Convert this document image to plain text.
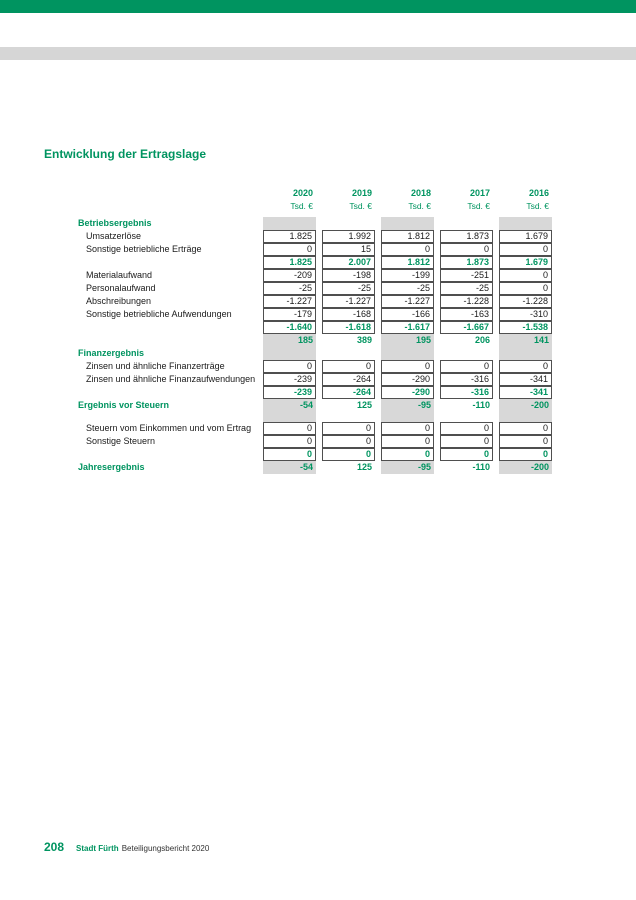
Entwicklung der Ertragslage
2020	2019	2018	2017	2016
Tsd. €	Tsd. €	Tsd. €	Tsd. €	Tsd. €
Betriebsergebnis
Umsatzerlöse	1.825	1.992	1.812	1.873	1.679
Sonstige betriebliche Erträge	0	15	0	0	0
1.825	2.007	1.812	1.873	1.679
Materialaufwand	-209	-198	-199	-251	0
Personalaufwand	-25	-25	-25	-25	0
Abschreibungen	-1.227	-1.227	-1.227	-1.228	-1.228
Sonstige betriebliche Aufwendungen	-179	-168	-166	-163	-310
-1.640	-1.618	-1.617	-1.667	-1.538
185	389	195	206	141
Finanzergebnis
Zinsen und ähnliche Finanzerträge	0	0	0	0	0
Zinsen und ähnliche Finanzaufwendungen	-239	-264	-290	-316	-341
-239	-264	-290	-316	-341
Ergebnis vor Steuern	-54	125	-95	-110	-200
Steuern vom Einkommen und vom Ertrag	0	0	0	0	0
Sonstige Steuern	0	0	0	0	0
0	0	0	0	0
Jahresergebnis	-54	125	-95	-110	-200
208 Stadt Fürth Beteiligungsbericht 2020
